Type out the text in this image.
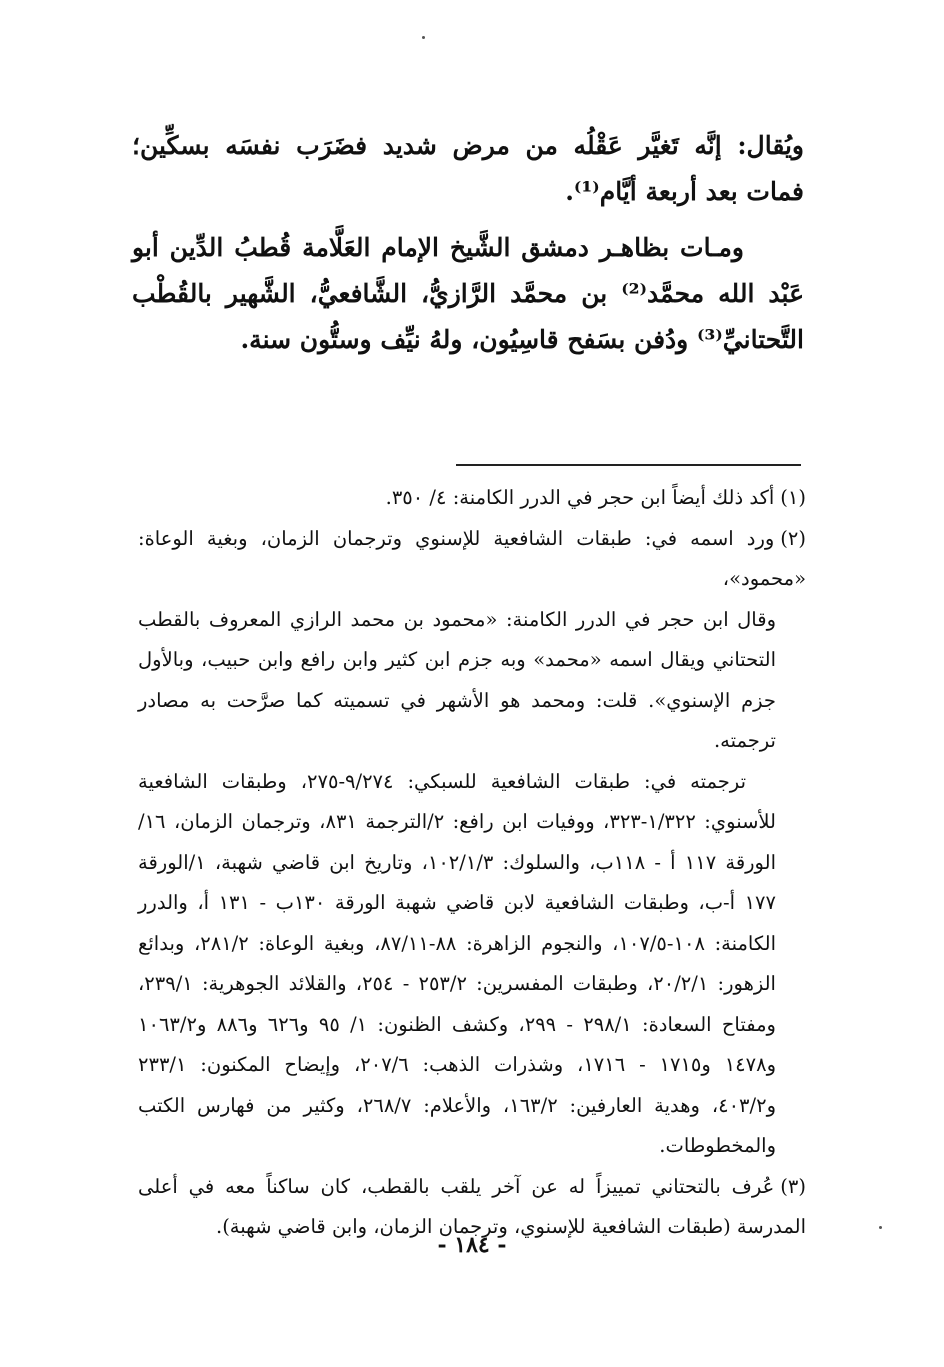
ويُقال: إنَّه تَغيَّر عَقْلُه من مرض شديد فضَرَب نفسَه بسكِّين؛ فمات بعد أربعة أيَّام⁽¹⁾.

ومـات بظاهـر دمشق الشَّيخ الإمام العَلَّامة قُطبُ الدِّين أبو عَبْد الله محمَّد⁽²⁾ بن محمَّد الرَّازيُّ، الشَّافعيُّ، الشَّهير بالقُطْب التَّحتانيِّ⁽³⁾ ودُفن بسَفح قاسِيُون، ولهُ نيِّف وستُّون سنة.

(١)أكد ذلك أيضاً ابن حجر في الدرر الكامنة: ٤/ ٣٥٠.

(٢)ورد اسمه في: طبقات الشافعية للإسنوي وترجمان الزمان، وبغية الوعاة: «محمود»،

وقال ابن حجر في الدرر الكامنة: «محمود بن محمد الرازي المعروف بالقطب التحتاني ويقال اسمه «محمد» وبه جزم ابن كثير وابن رافع وابن حبيب، وبالأول جزم الإسنوي». قلت: ومحمد هو الأشهر في تسميته كما صرَّحت به مصادر ترجمته.

ترجمته في: طبقات الشافعية للسبكي: ٩/٢٧٤-٢٧٥، وطبقات الشافعية للأسنوي: ١/٣٢٢-٣٢٣، ووفيات ابن رافع: ٢/الترجمة ٨٣١، وترجمان الزمان، ١٦/الورقة ١١٧ أ - ١١٨ب، والسلوك: ١٠٢/١/٣، وتاريخ ابن قاضي شهبة، ١/الورقة ١٧٧ أ-ب، وطبقات الشافعية لابن قاضي شهبة الورقة ١٣٠ب - ١٣١ أ، والدرر الكامنة: ١٠٨-١٠٧/٥، والنجوم الزاهرة: ٨٨-٨٧/١١، وبغية الوعاة: ٢٨١/٢، وبدائع الزهور: ٢٠/٢/١، وطبقات المفسرين: ٢٥٣/٢ - ٢٥٤، والقلائد الجوهرية: ٢٣٩/١، ومفتاح السعادة: ٢٩٨/١ - ٢٩٩، وكشف الظنون: ١/ ٩٥ و٦٢٦ و٨٨٦ و١٠٦٣/٢ و١٤٧٨ و١٧١٥ - ١٧١٦، وشذرات الذهب: ٢٠٧/٦، وإيضاح المكنون: ٢٣٣/١ و٤٠٣/٢، وهدية العارفين: ١٦٣/٢، والأعلام: ٢٦٨/٧، وكثير من فهارس الكتب والمخطوطات.

(٣)عُرف بالتحتاني تمييزاً له عن آخر يلقب بالقطب، كان ساكناً معه في أعلى المدرسة (طبقات الشافعية للإسنوي، وترجمان الزمان، وابن قاضي شهبة).

- ١٨٤ -
